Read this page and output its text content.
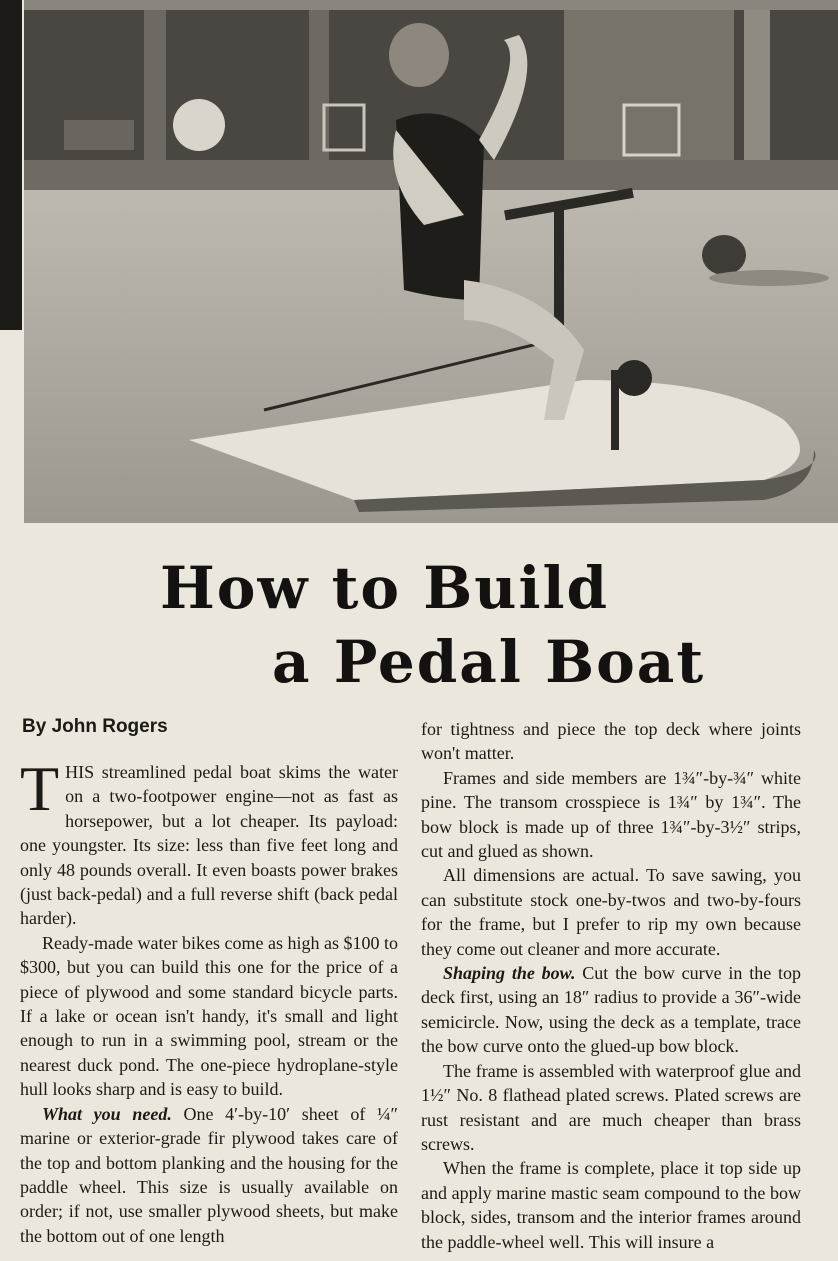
How to Build
a Pedal Boat
By John Rogers

THIS streamlined pedal boat skims the water on a two-footpower engine—not as fast as horsepower, but a lot cheaper. Its payload: one youngster. Its size: less than five feet long and only 48 pounds overall. It even boasts power brakes (just back-pedal) and a full reverse shift (back pedal harder).

Ready-made water bikes come as high as $100 to $300, but you can build this one for the price of a piece of plywood and some standard bicycle parts. If a lake or ocean isn't handy, it's small and light enough to run in a swimming pool, stream or the nearest duck pond. The one-piece hydroplane-style hull looks sharp and is easy to build.

What you need. One 4′-by-10′ sheet of ¼″ marine or exterior-grade fir plywood takes care of the top and bottom planking and the housing for the paddle wheel. This size is usually available on order; if not, use smaller plywood sheets, but make the bottom out of one length

for tightness and piece the top deck where joints won't matter.

Frames and side members are 1¾″-by-¾″ white pine. The transom crosspiece is 1¾″ by 1¾″. The bow block is made up of three 1¾″-by-3½″ strips, cut and glued as shown.

All dimensions are actual. To save sawing, you can substitute stock one-by-twos and two-by-fours for the frame, but I prefer to rip my own because they come out cleaner and more accurate.

Shaping the bow. Cut the bow curve in the top deck first, using an 18″ radius to provide a 36″-wide semicircle. Now, using the deck as a template, trace the bow curve onto the glued-up bow block.

The frame is assembled with waterproof glue and 1½″ No. 8 flathead plated screws. Plated screws are rust resistant and are much cheaper than brass screws.

When the frame is complete, place it top side up and apply marine mastic seam compound to the bow block, sides, transom and the interior frames around the paddle-wheel well. This will insure a
